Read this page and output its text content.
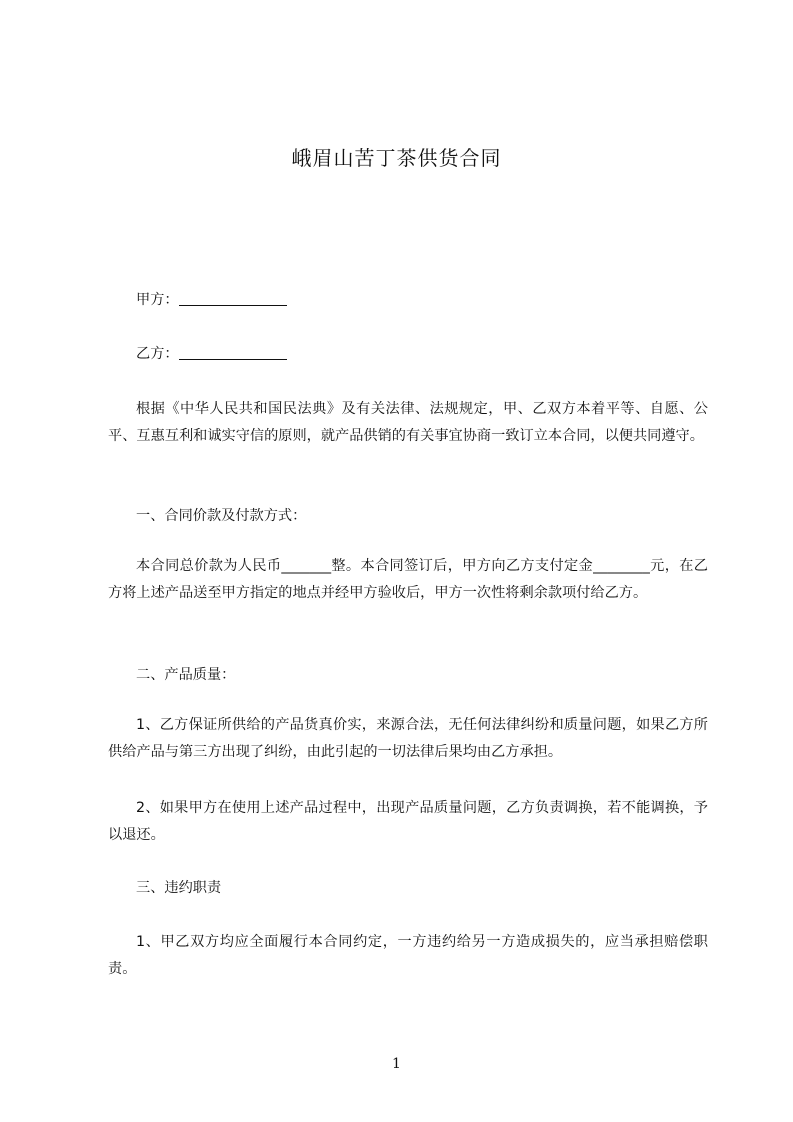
峨眉山苦丁茶供货合同
甲方：
乙方：
根据《中华人民共和国民法典》及有关法律、法规规定，甲、乙双方本着平等、自愿、公平、互惠互利和诚实守信的原则，就产品供销的有关事宜协商一致订立本合同，以便共同遵守。
一、合同价款及付款方式：
本合同总价款为人民币_______整。本合同签订后，甲方向乙方支付定金________元，在乙方将上述产品送至甲方指定的地点并经甲方验收后，甲方一次性将剩余款项付给乙方。
二、产品质量：
1、乙方保证所供给的产品货真价实，来源合法，无任何法律纠纷和质量问题，如果乙方所供给产品与第三方出现了纠纷，由此引起的一切法律后果均由乙方承担。
2、如果甲方在使用上述产品过程中，出现产品质量问题，乙方负责调换，若不能调换，予以退还。
三、违约职责
1、甲乙双方均应全面履行本合同约定，一方违约给另一方造成损失的，应当承担赔偿职责。
1
